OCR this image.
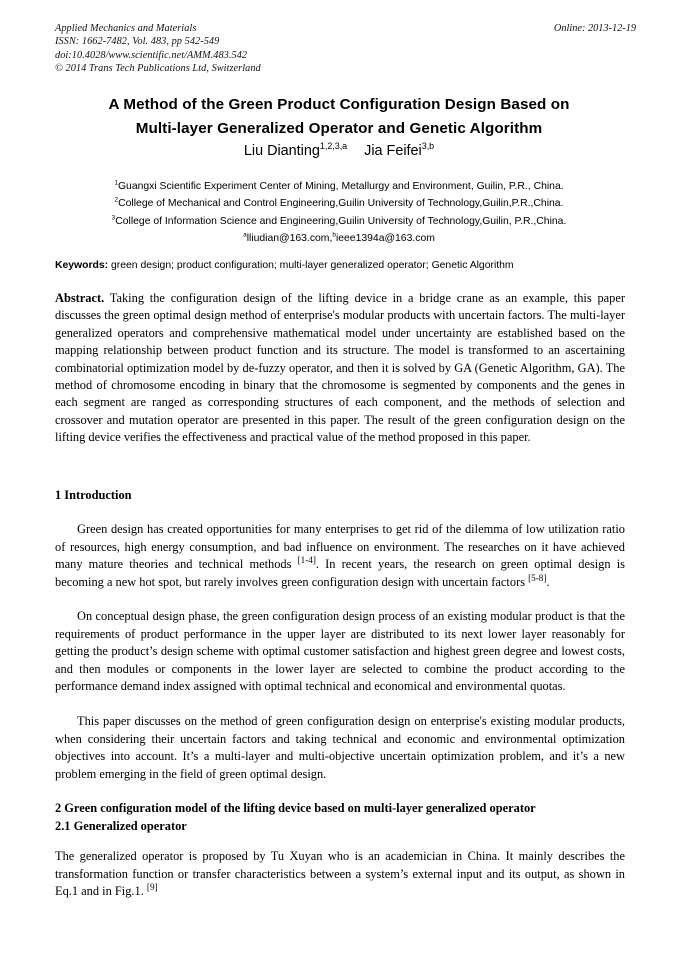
Applied Mechanics and Materials
ISSN: 1662-7482, Vol. 483, pp 542-549
doi:10.4028/www.scientific.net/AMM.483.542
© 2014 Trans Tech Publications Ltd, Switzerland
Online: 2013-12-19
A Method of the Green Product Configuration Design Based on
Multi-layer Generalized Operator and Genetic Algorithm
Liu Dianting$^{1,2,3,a}$ Jia Feifei$^{3,b}$
$^1$Guangxi Scientific Experiment Center of Mining, Metallurgy and Environment, Guilin, P.R., China.
$^2$College of Mechanical and Control Engineering,Guilin University of Technology,Guilin,P.R.,China.
$^3$College of Information Science and Engineering,Guilin University of Technology,Guilin, P.R.,China.
$^a$lliudian@163.com,$^b$ieee1394a@163.com
Keywords: green design; product configuration; multi-layer generalized operator; Genetic Algorithm
Abstract. Taking the configuration design of the lifting device in a bridge crane as an example, this paper discusses the green optimal design method of enterprise's modular products with uncertain factors. The multi-layer generalized operators and comprehensive mathematical model under uncertainty are established based on the mapping relationship between product function and its structure. The model is transformed to an ascertaining combinatorial optimization model by de-fuzzy operator, and then it is solved by GA (Genetic Algorithm, GA). The method of chromosome encoding in binary that the chromosome is segmented by components and the genes in each segment are ranged as corresponding structures of each component, and the methods of selection and crossover and mutation operator are presented in this paper. The result of the green configuration design on the lifting device verifies the effectiveness and practical value of the method proposed in this paper.
1 Introduction

Green design has created opportunities for many enterprises to get rid of the dilemma of low utilization ratio of resources, high energy consumption, and bad influence on environment. The researches on it have achieved many mature theories and technical methods [1-4]. In recent years, the research on green optimal design is becoming a new hot spot, but rarely involves green configuration design with uncertain factors [5-8].

On conceptual design phase, the green configuration design process of an existing modular product is that the requirements of product performance in the upper layer are distributed to its next lower layer reasonably for getting the product’s design scheme with optimal customer satisfaction and highest green degree and lowest costs, and then modules or components in the lower layer are selected to combine the product according to the performance demand index assigned with optimal technical and economical and environmental quotas.

This paper discusses on the method of green configuration design on enterprise's existing modular products, when considering their uncertain factors and taking technical and economic and environmental optimization objectives into account. It’s a multi-layer and multi-objective uncertain optimization problem, and it’s a new problem emerging in the field of green optimal design.

2 Green configuration model of the lifting device based on multi-layer generalized operator
2.1 Generalized operator

The generalized operator is proposed by Tu Xuyan who is an academician in China. It mainly describes the transformation function or transfer characteristics between a system’s external input and its output, as shown in Eq.1 and in Fig.1. [9]
